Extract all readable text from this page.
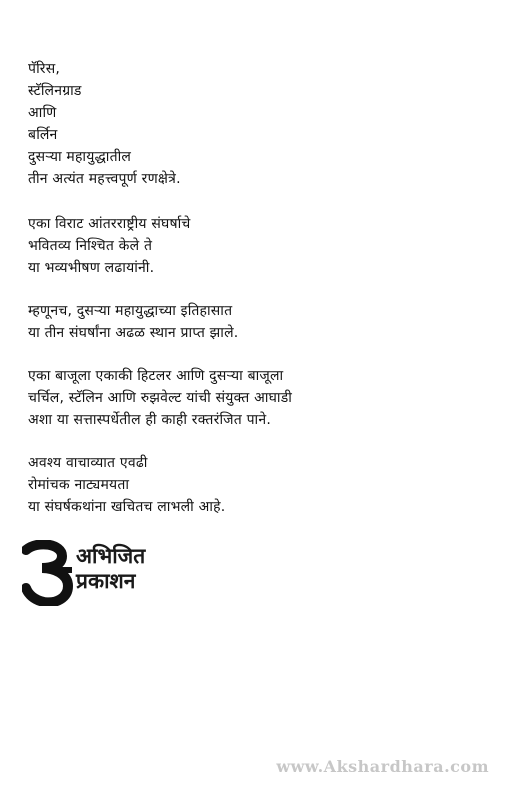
पॅरिस,
स्टॅलिनग्राड
आणि
बर्लिन
दुसऱ्या महायुद्धातील
तीन अत्यंत महत्त्वपूर्ण रणक्षेत्रे.
एका विराट आंतरराष्ट्रीय संघर्षाचे
भवितव्य निश्चित केले ते
या भव्यभीषण लढायांनी.
म्हणूनच, दुसऱ्या महायुद्धाच्या इतिहासात
या तीन संघर्षांना अढळ स्थान प्राप्त झाले.
एका बाजूला एकाकी हिटलर आणि दुसऱ्या बाजूला
चर्चिल, स्टॅलिन आणि रुझवेल्ट यांची संयुक्त आघाडी
अशा या सत्तास्पर्धेतील ही काही रक्तरंजित पाने.
अवश्य वाचाव्यात एवढी
रोमांचक नाट्यमयता
या संघर्षकथांना खचितच लाभली आहे.
अभिजित
प्रकाशन
www.Akshardhara.com
